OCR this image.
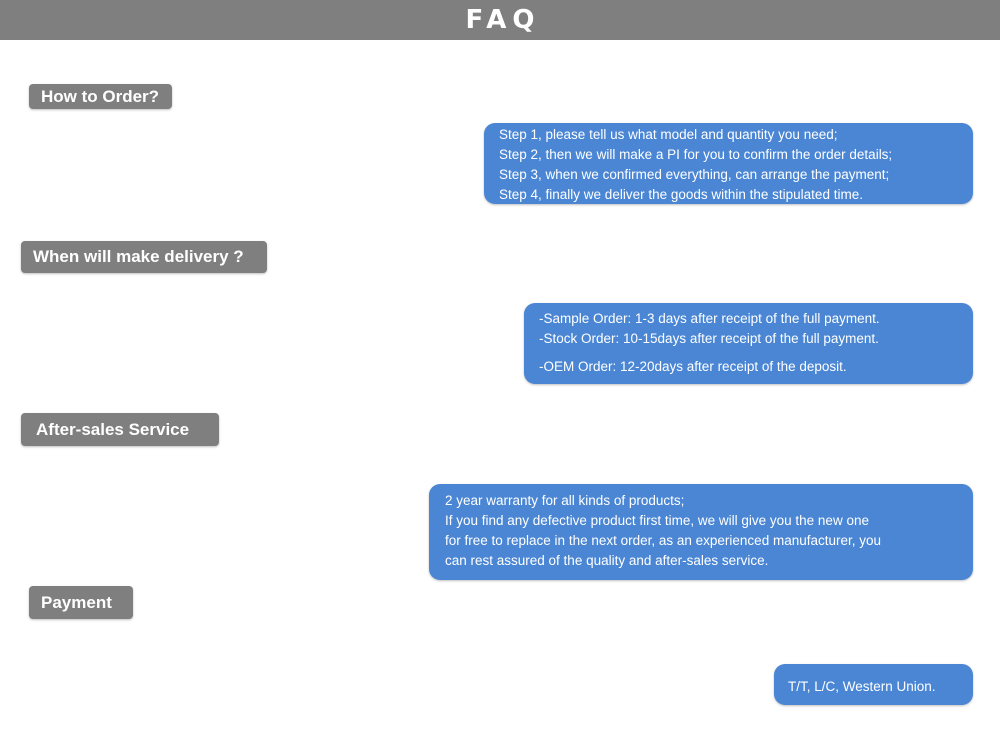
FAQ
How to Order?
Step 1, please tell us what model and quantity you need;
Step 2, then we will make a PI for you to confirm the order details;
Step 3, when we confirmed everything, can arrange the payment;
Step 4, finally we deliver the goods within the stipulated time.
When will make delivery ?
-Sample Order: 1-3 days after receipt of the full payment.
-Stock Order: 10-15days after receipt of the full payment.
-OEM Order: 12-20days after receipt of the deposit.
After-sales Service
2 year warranty for all kinds of products;
If you find any defective product first time, we will give you the new one
for free to replace in the next order, as an experienced manufacturer, you
can rest assured of the quality and after-sales service.
Payment
T/T, L/C, Western Union.
